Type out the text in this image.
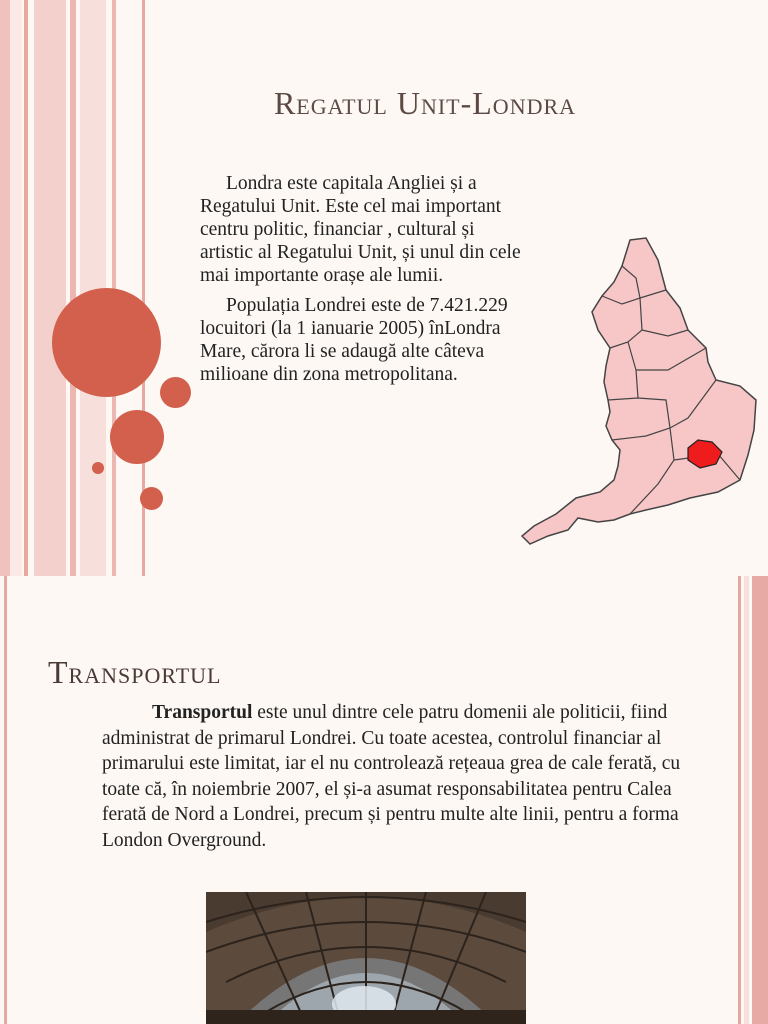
Regatul Unit-Londra

Londra este capitala Angliei și a Regatului Unit. Este cel mai important centru politic, financiar , cultural și artistic al Regatului Unit, și unul din cele mai importante orașe ale lumii.

Populația Londrei este de 7.421.229 locuitori (la 1 ianuarie 2005) înLondra Mare, cărora li se adaugă alte câteva milioane din zona metropolitana.

Transportul

Transportul este unul dintre cele patru domenii ale politicii, fiind administrat de primarul Londrei. Cu toate acestea, controlul financiar al primarului este limitat, iar el nu controlează rețeaua grea de cale ferată, cu toate că, în noiembrie 2007, el și-a asumat responsabilitatea pentru Calea ferată de Nord a Londrei, precum și pentru multe alte linii, pentru a forma London Overground.
